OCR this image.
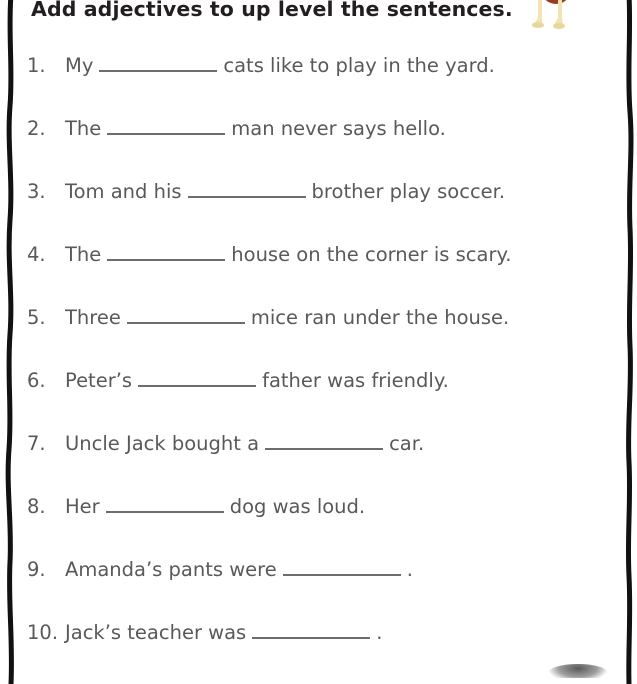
Add adjectives to up level the sentences.
1. My	cats like to play in the yard.
2. The	man never says hello.
3. Tom and his	brother play soccer.
4. The	house on the corner is scary.
5. Three	mice ran under the house.
6. Peter’s	father was friendly.
7. Uncle Jack bought a	car.
8. Her	dog was loud.
9. Amanda’s pants were	.
10. Jack’s teacher was	.
